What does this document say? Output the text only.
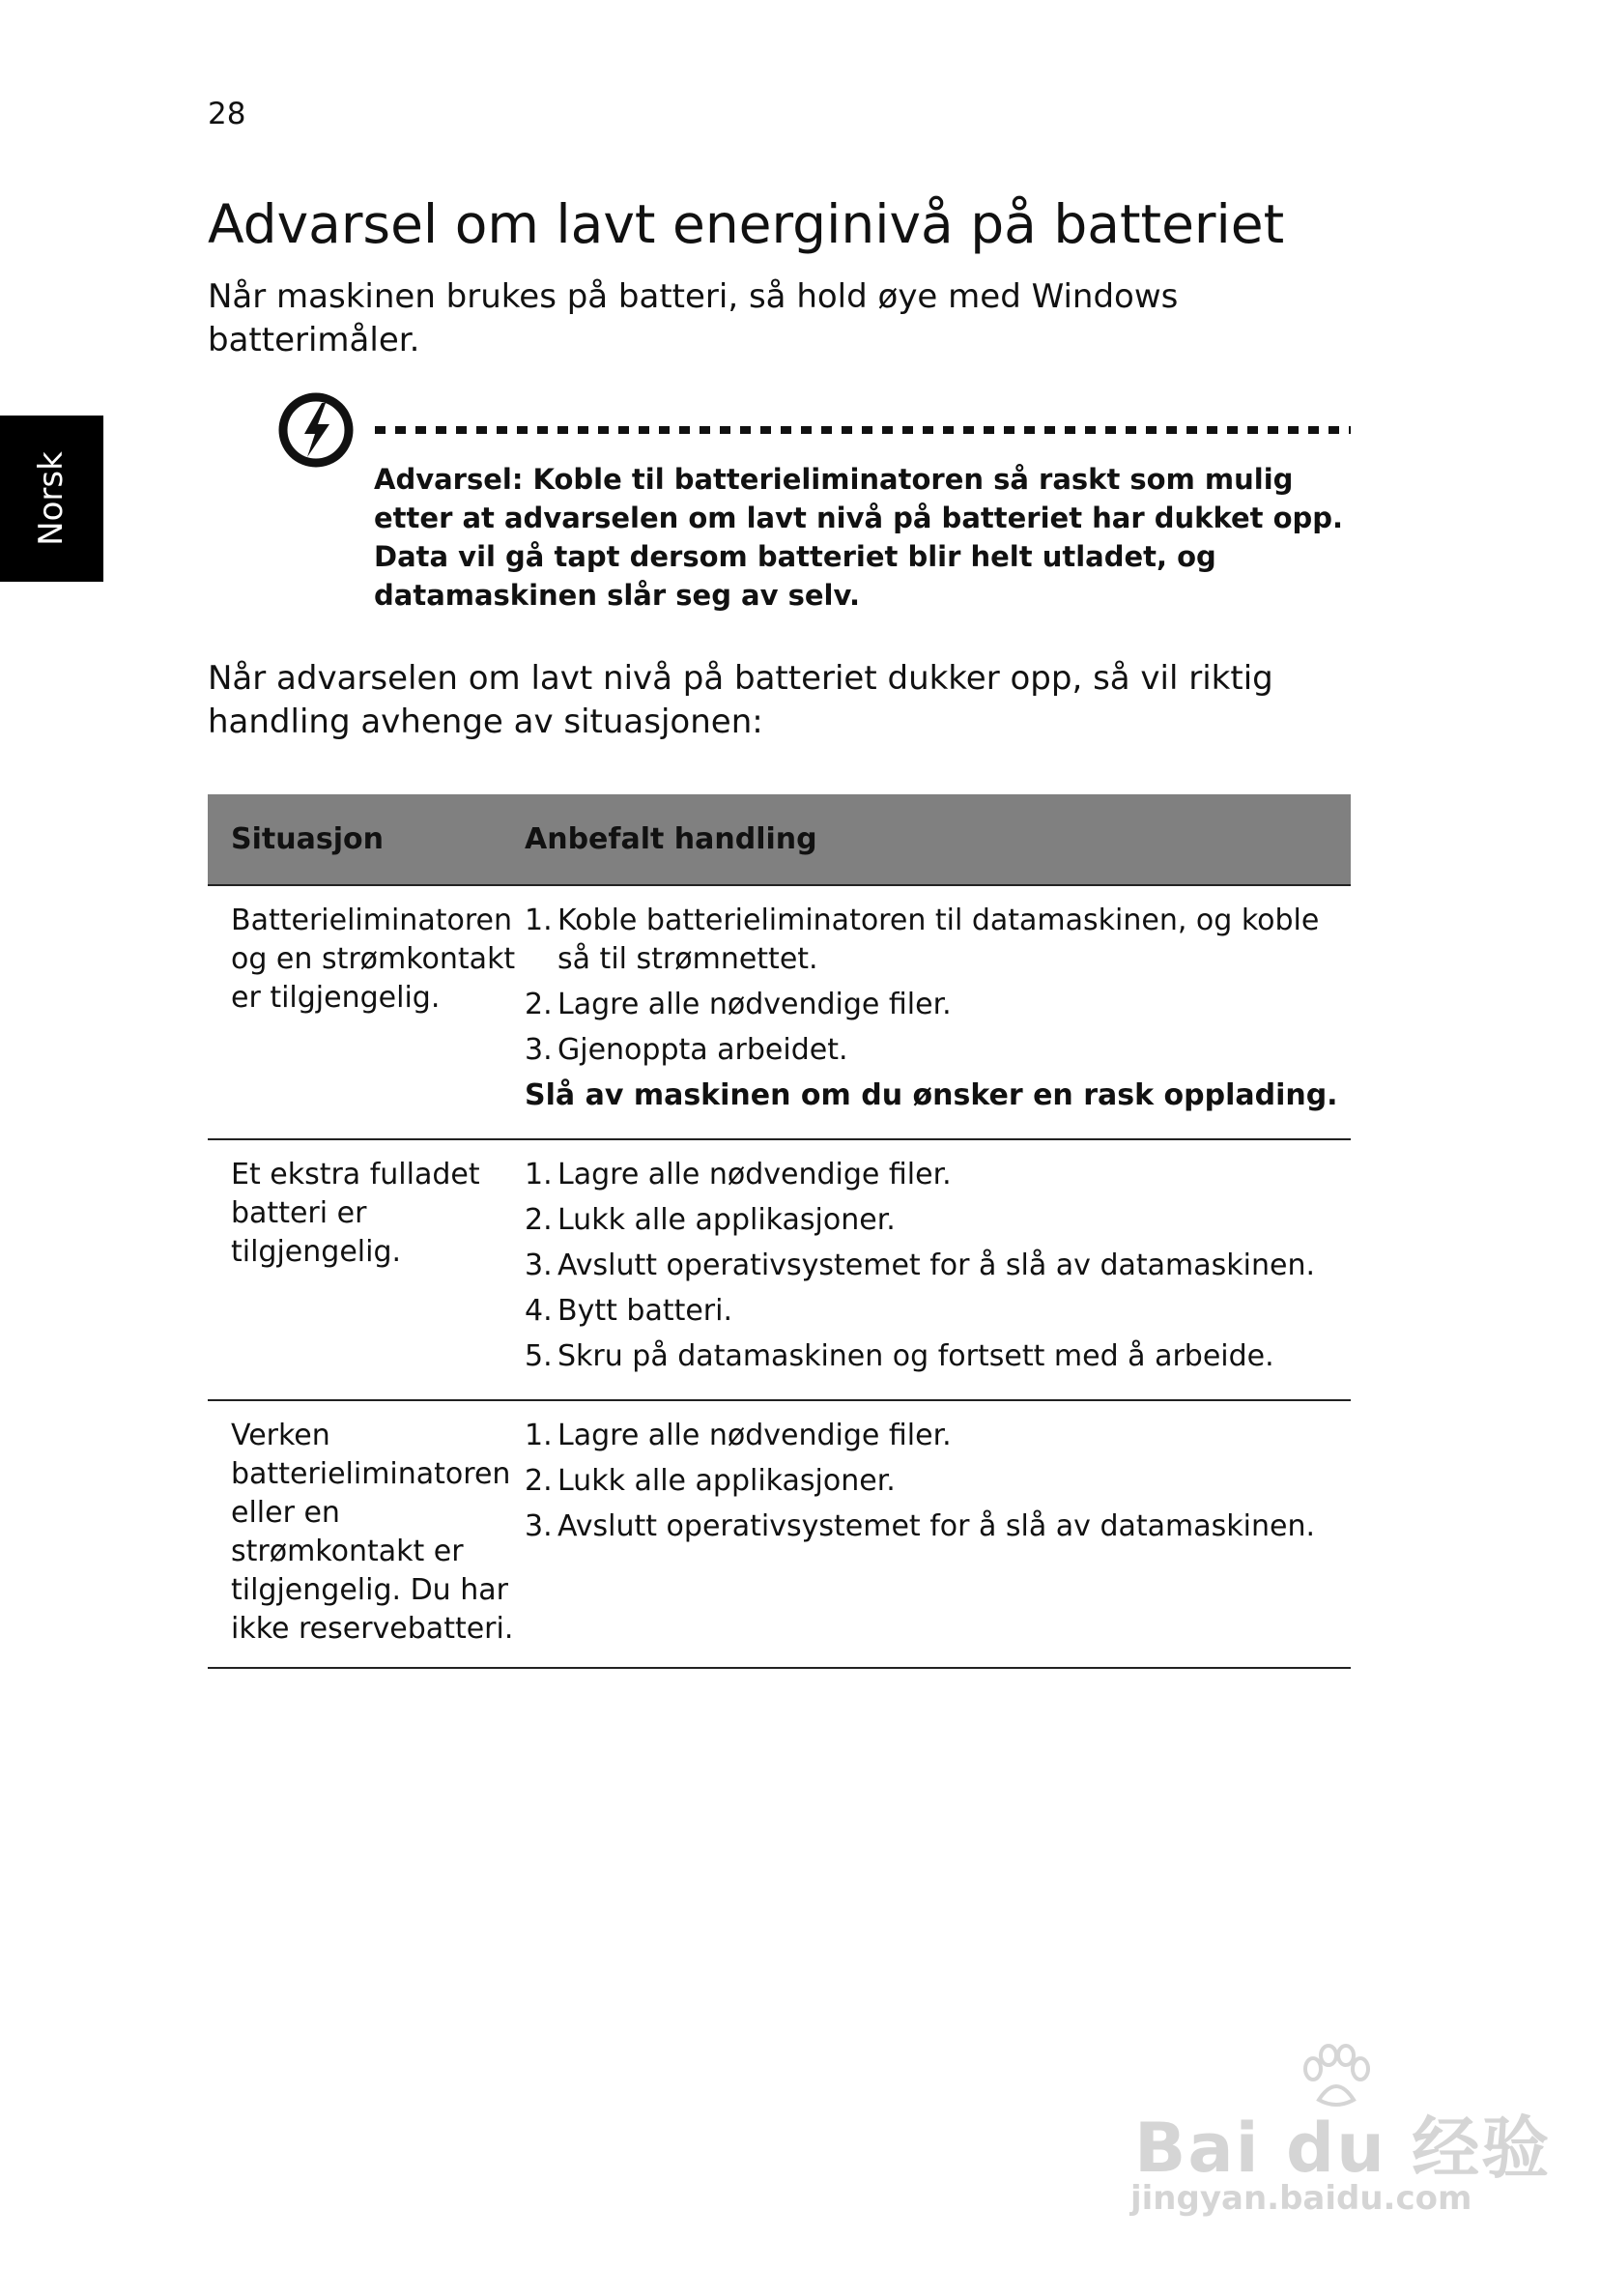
28
Norsk
Advarsel om lavt energinivå på batteriet

Når maskinen brukes på batteri, så hold øye med Windows batterimåler.

Advarsel: Koble til batterieliminatoren så raskt som mulig etter at advarselen om lavt nivå på batteriet har dukket opp. Data vil gå tapt dersom batteriet blir helt utladet, og datamaskinen slår seg av selv.

Når advarselen om lavt nivå på batteriet dukker opp, så vil riktig handling avhenge av situasjonen:

Situasjon	Anbefalt handling
Batterieliminatoren og en strømkontakt er tilgjengelig.
1. Koble batterieliminatoren til datamaskinen, og koble så til strømnettet.
2. Lagre alle nødvendige filer.
3. Gjenoppta arbeidet.
Slå av maskinen om du ønsker en rask opplading.
Et ekstra fulladet batteri er tilgjengelig.
1. Lagre alle nødvendige filer.
2. Lukk alle applikasjoner.
3. Avslutt operativsystemet for å slå av datamaskinen.
4. Bytt batteri.
5. Skru på datamaskinen og fortsett med å arbeide.
Verken batterieliminatoren eller en strømkontakt er tilgjengelig. Du har ikke reservebatteri.
1. Lagre alle nødvendige filer.
2. Lukk alle applikasjoner.
3. Avslutt operativsystemet for å slå av datamaskinen.
Bai du 经验
jingyan.baidu.com
